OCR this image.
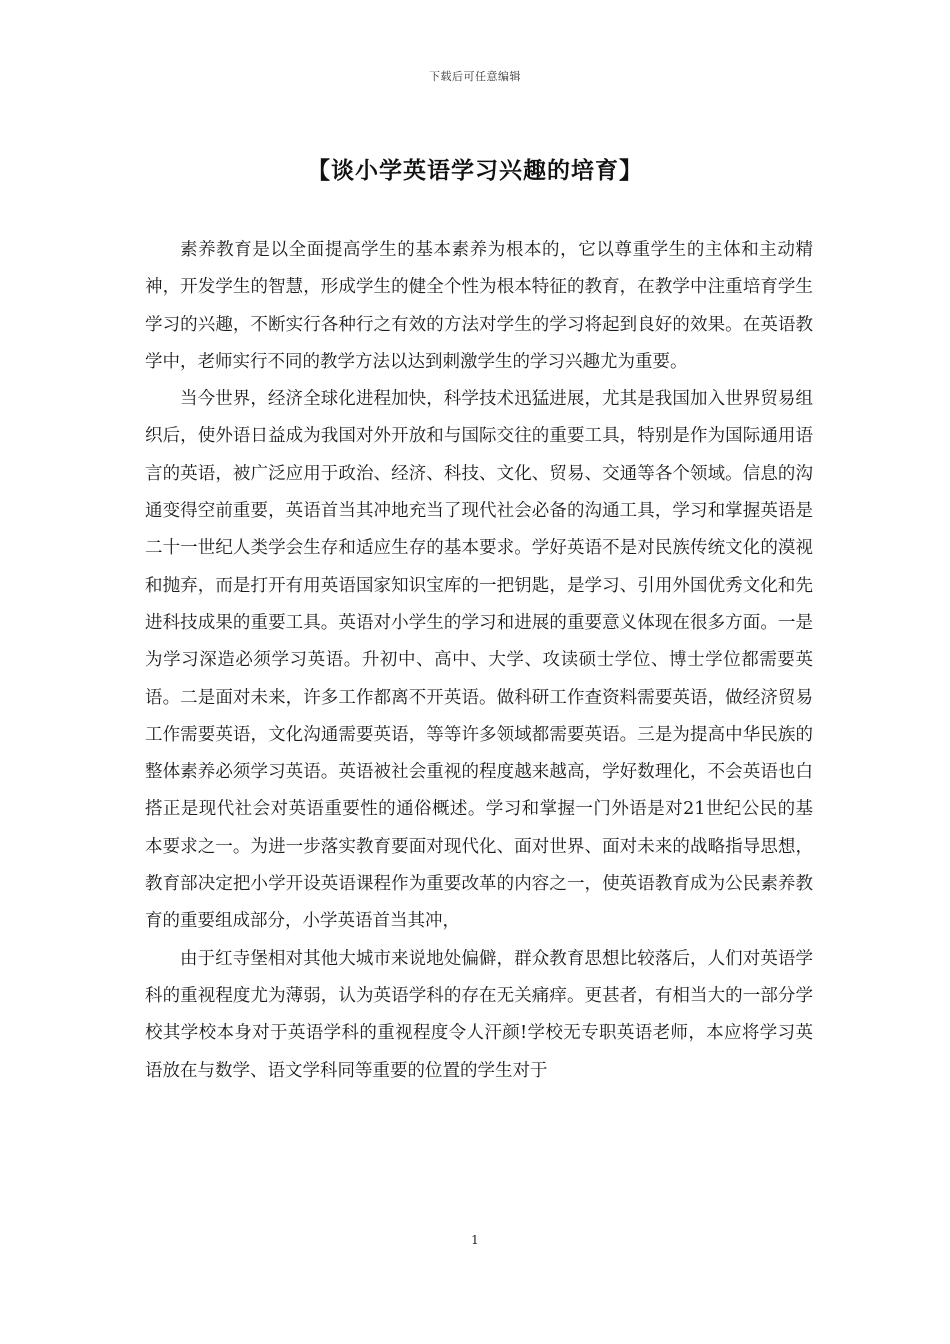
下载后可任意编辑
【谈小学英语学习兴趣的培育】

素养教育是以全面提高学生的基本素养为根本的，它以尊重学生的主体和主动精神，开发学生的智慧，形成学生的健全个性为根本特征的教育，在教学中注重培育学生学习的兴趣，不断实行各种行之有效的方法对学生的学习将起到良好的效果。在英语教学中，老师实行不同的教学方法以达到刺激学生的学习兴趣尤为重要。

当今世界，经济全球化进程加快，科学技术迅猛进展，尤其是我国加入世界贸易组织后，使外语日益成为我国对外开放和与国际交往的重要工具，特别是作为国际通用语言的英语，被广泛应用于政治、经济、科技、文化、贸易、交通等各个领域。信息的沟通变得空前重要，英语首当其冲地充当了现代社会必备的沟通工具，学习和掌握英语是二十一世纪人类学会生存和适应生存的基本要求。学好英语不是对民族传统文化的漠视和抛弃，而是打开有用英语国家知识宝库的一把钥匙，是学习、引用外国优秀文化和先进科技成果的重要工具。英语对小学生的学习和进展的重要意义体现在很多方面。一是为学习深造必须学习英语。升初中、高中、大学、攻读硕士学位、博士学位都需要英语。二是面对未来，许多工作都离不开英语。做科研工作查资料需要英语，做经济贸易工作需要英语，文化沟通需要英语，等等许多领域都需要英语。三是为提高中华民族的整体素养必须学习英语。英语被社会重视的程度越来越高，学好数理化，不会英语也白搭正是现代社会对英语重要性的通俗概述。学习和掌握一门外语是对21世纪公民的基本要求之一。为进一步落实教育要面对现代化、面对世界、面对未来的战略指导思想，教育部决定把小学开设英语课程作为重要改革的内容之一，使英语教育成为公民素养教育的重要组成部分，小学英语首当其冲，

由于红寺堡相对其他大城市来说地处偏僻，群众教育思想比较落后，人们对英语学科的重视程度尤为薄弱，认为英语学科的存在无关痛痒。更甚者，有相当大的一部分学校其学校本身对于英语学科的重视程度令人汗颜!学校无专职英语老师，本应将学习英语放在与数学、语文学科同等重要的位置的学生对于

1
